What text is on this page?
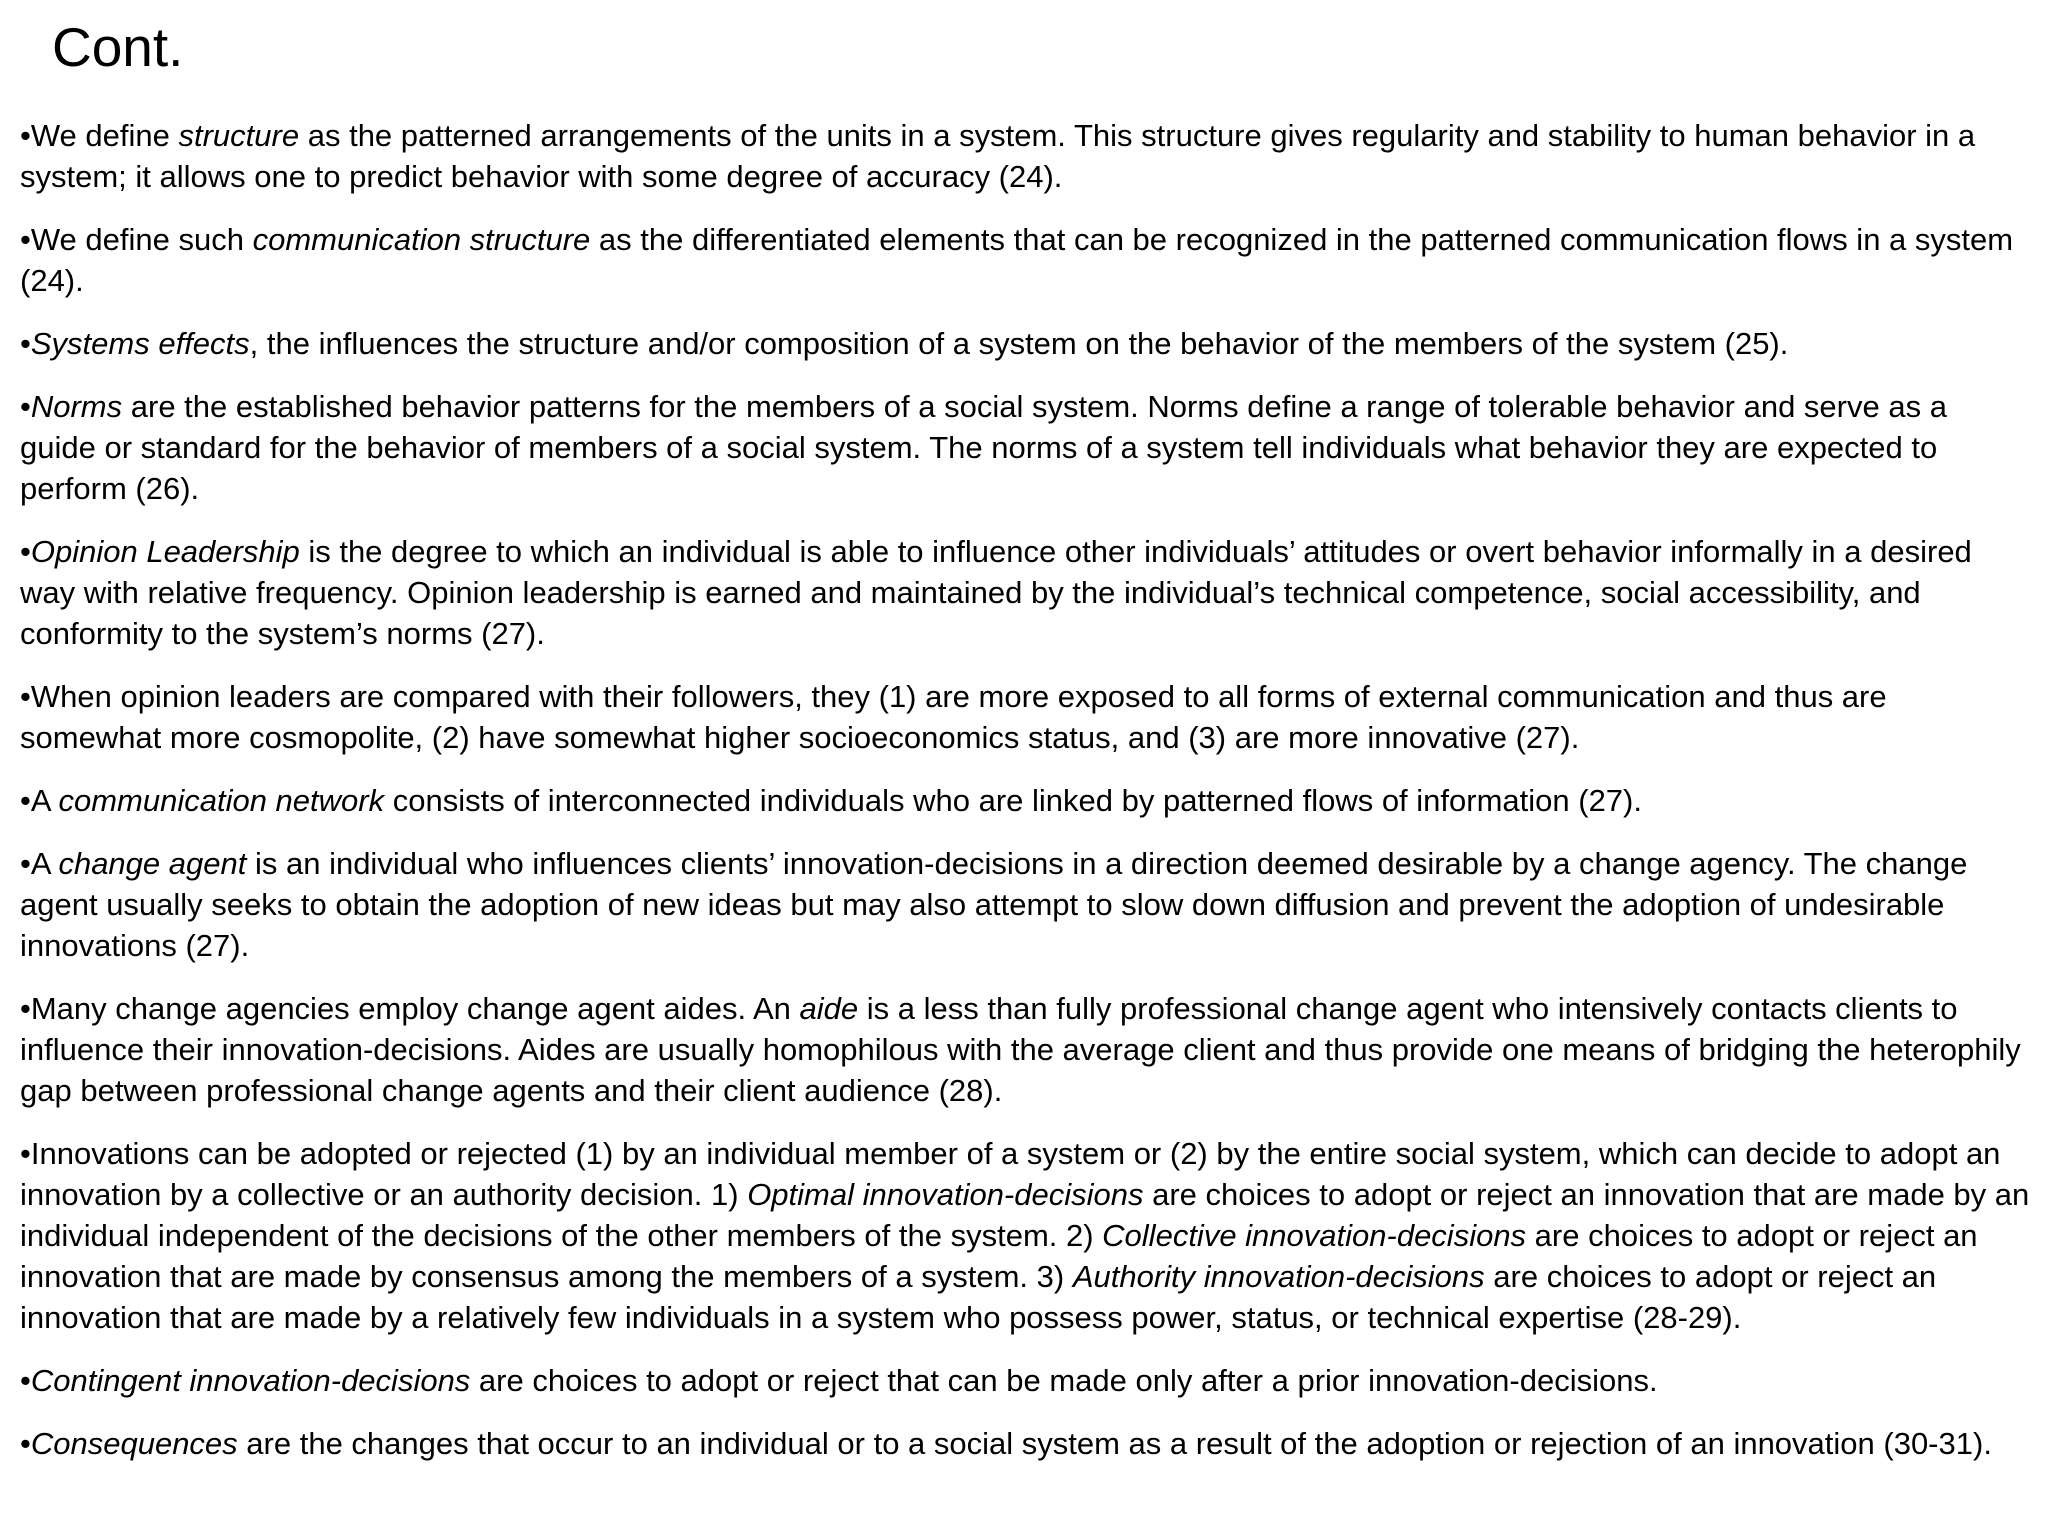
Cont.

•We define structure as the patterned arrangements of the units in a system. This structure gives regularity and stability to human behavior in a system; it allows one to predict behavior with some degree of accuracy (24).

•We define such communication structure as the differentiated elements that can be recognized in the patterned communication flows in a system (24).

•Systems effects, the influences the structure and/or composition of a system on the behavior of the members of the system (25).

•Norms are the established behavior patterns for the members of a social system. Norms define a range of tolerable behavior and serve as a guide or standard for the behavior of members of a social system. The norms of a system tell individuals what behavior they are expected to perform (26).

•Opinion Leadership is the degree to which an individual is able to influence other individuals’ attitudes or overt behavior informally in a desired way with relative frequency. Opinion leadership is earned and maintained by the individual’s technical competence, social accessibility, and conformity to the system’s norms (27).

•When opinion leaders are compared with their followers, they (1) are more exposed to all forms of external communication and thus are somewhat more cosmopolite, (2) have somewhat higher socioeconomics status, and (3) are more innovative (27).

•A communication network consists of interconnected individuals who are linked by patterned flows of information (27).

•A change agent is an individual who influences clients’ innovation-decisions in a direction deemed desirable by a change agency. The change agent usually seeks to obtain the adoption of new ideas but may also attempt to slow down diffusion and prevent the adoption of undesirable innovations (27).

•Many change agencies employ change agent aides. An aide is a less than fully professional change agent who intensively contacts clients to influence their innovation-decisions. Aides are usually homophilous with the average client and thus provide one means of bridging the heterophily gap between professional change agents and their client audience (28).

•Innovations can be adopted or rejected (1) by an individual member of a system or (2) by the entire social system, which can decide to adopt an innovation by a collective or an authority decision. 1) Optimal innovation-decisions are choices to adopt or reject an innovation that are made by an individual independent of the decisions of the other members of the system. 2) Collective innovation-decisions are choices to adopt or reject an innovation that are made by consensus among the members of a system. 3) Authority innovation-decisions are choices to adopt or reject an innovation that are made by a relatively few individuals in a system who possess power, status, or technical expertise (28-29).

•Contingent innovation-decisions are choices to adopt or reject that can be made only after a prior innovation-decisions.

•Consequences are the changes that occur to an individual or to a social system as a result of the adoption or rejection of an innovation (30-31).
